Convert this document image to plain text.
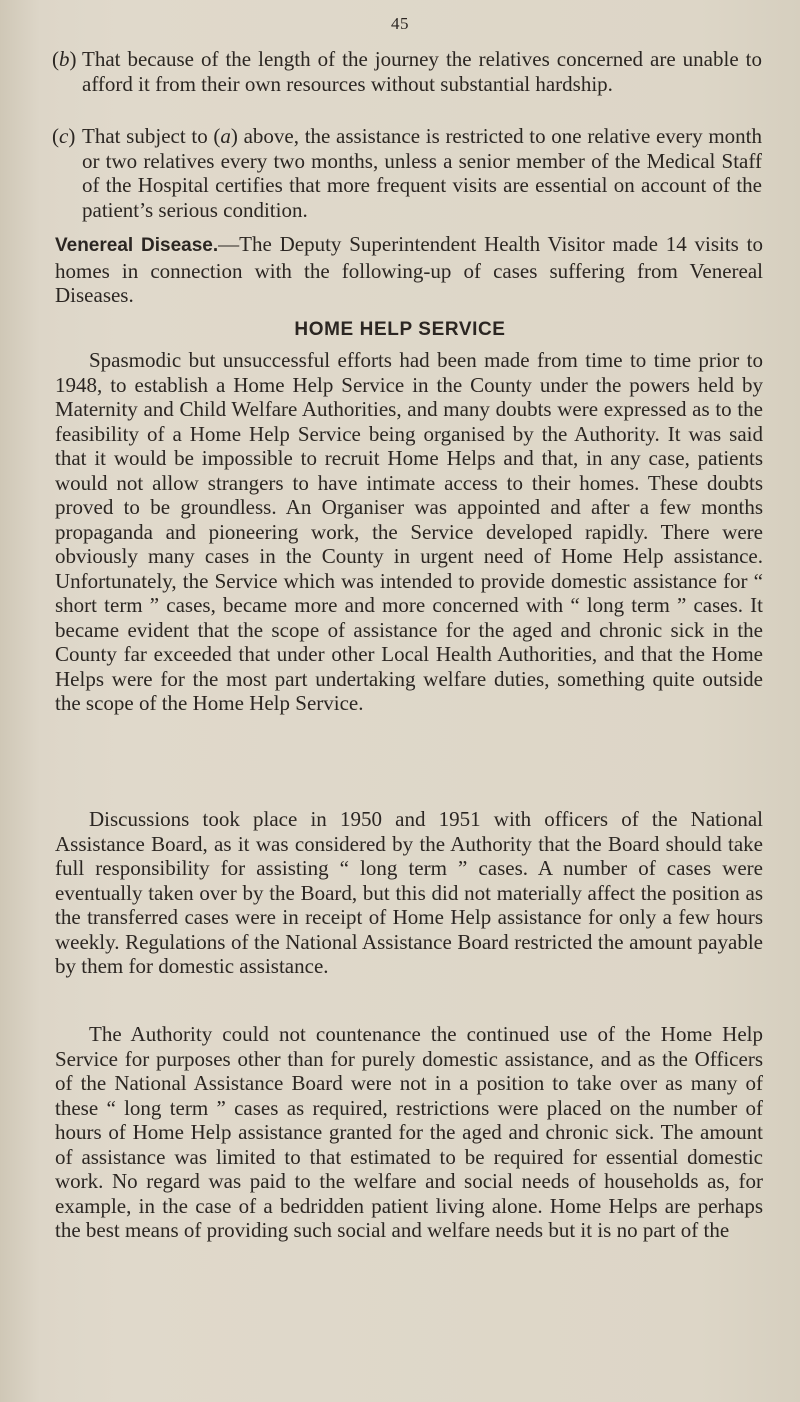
45
(b) That because of the length of the journey the relatives concerned are unable to afford it from their own resources without substantial hardship.
(c) That subject to (a) above, the assistance is restricted to one relative every month or two relatives every two months, unless a senior member of the Medical Staff of the Hospital certifies that more frequent visits are essential on account of the patient’s serious condition.

Venereal Disease.—The Deputy Superintendent Health Visitor made 14 visits to homes in connection with the following-up of cases suffering from Venereal Diseases.

HOME HELP SERVICE

Spasmodic but unsuccessful efforts had been made from time to time prior to 1948, to establish a Home Help Service in the County under the powers held by Maternity and Child Welfare Authorities, and many doubts were expressed as to the feasibility of a Home Help Service being organised by the Authority. It was said that it would be impossible to recruit Home Helps and that, in any case, patients would not allow strangers to have intimate access to their homes. These doubts proved to be groundless. An Organiser was appointed and after a few months propaganda and pioneering work, the Service developed rapidly. There were obviously many cases in the County in urgent need of Home Help assistance. Unfortunately, the Service which was intended to provide domestic assistance for “ short term ” cases, became more and more concerned with “ long term ” cases. It became evident that the scope of assistance for the aged and chronic sick in the County far exceeded that under other Local Health Authorities, and that the Home Helps were for the most part undertaking welfare duties, something quite outside the scope of the Home Help Service.

Discussions took place in 1950 and 1951 with officers of the National Assistance Board, as it was considered by the Authority that the Board should take full responsibility for assisting “ long term ” cases. A number of cases were eventually taken over by the Board, but this did not materially affect the position as the transferred cases were in receipt of Home Help assistance for only a few hours weekly. Regulations of the National Assistance Board restricted the amount payable by them for domestic assistance.

The Authority could not countenance the continued use of the Home Help Service for purposes other than for purely domestic assistance, and as the Officers of the National Assistance Board were not in a position to take over as many of these “ long term ” cases as required, restrictions were placed on the number of hours of Home Help assistance granted for the aged and chronic sick. The amount of assistance was limited to that estimated to be required for essential domestic work. No regard was paid to the welfare and social needs of households as, for example, in the case of a bedridden patient living alone. Home Helps are perhaps the best means of providing such social and welfare needs but it is no part of the
